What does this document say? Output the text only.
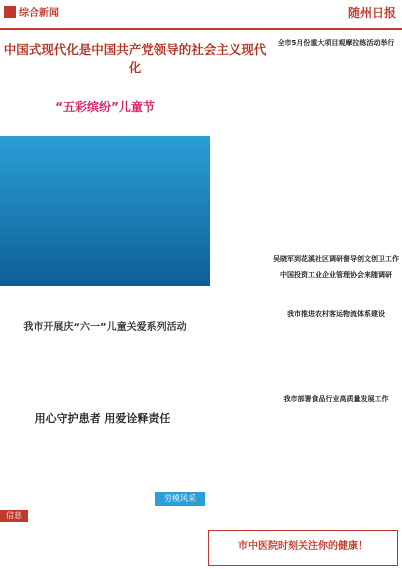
综合新闻	随州日报
中国式现代化是中国共产党领导的社会主义现代化
“五彩缤纷”儿童节
我市开展庆“六一”儿童关爱系列活动
用心守护患者 用爱诠释责任
全市5月份重大项目观摩拉练活动举行
吴晓军到花溪社区调研督导创文创卫工作
中国投资工业企业管理协会来随调研
我市推进农村客运物流体系建设
我市部署食品行业高质量发展工作
劳模风采
信息
市中医院时刻关注你的健康！
